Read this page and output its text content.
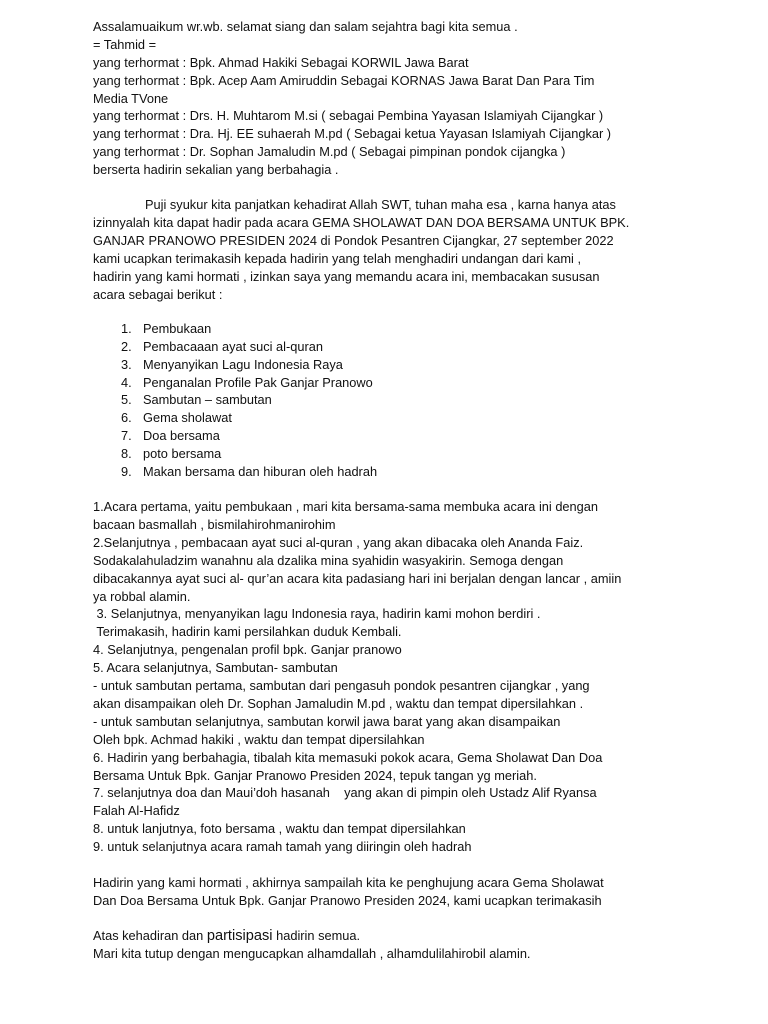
Assalamuaikum wr.wb. selamat siang dan salam sejahtra bagi kita semua .
= Tahmid =
yang terhormat : Bpk. Ahmad Hakiki Sebagai KORWIL Jawa Barat
yang terhormat : Bpk. Acep Aam Amiruddin Sebagai KORNAS Jawa Barat Dan Para Tim
Media TVone
yang terhormat : Drs. H. Muhtarom M.si ( sebagai Pembina Yayasan Islamiyah Cijangkar )
yang terhormat : Dra. Hj. EE suhaerah M.pd ( Sebagai ketua Yayasan Islamiyah Cijangkar )
yang terhormat : Dr. Sophan Jamaludin M.pd ( Sebagai pimpinan pondok cijangka )
berserta hadirin sekalian yang berbahagia .
Puji syukur kita panjatkan kehadirat Allah SWT, tuhan maha esa , karna hanya atas
izinnyalah kita dapat hadir pada acara GEMA SHOLAWAT DAN DOA BERSAMA UNTUK BPK.
GANJAR PRANOWO PRESIDEN 2024 di Pondok Pesantren Cijangkar, 27 september 2022
kami ucapkan terimakasih kepada hadirin yang telah menghadiri undangan dari kami ,
hadirin yang kami hormati , izinkan saya yang memandu acara ini, membacakan sususan
acara sebagai berikut :
1. Pembukaan
2. Pembacaaan ayat suci al-quran
3. Menyanyikan Lagu Indonesia Raya
4. Penganalan Profile Pak Ganjar Pranowo
5. Sambutan – sambutan
6. Gema sholawat
7. Doa bersama
8. poto bersama
9. Makan bersama dan hiburan oleh hadrah
1.Acara pertama, yaitu pembukaan , mari kita bersama-sama membuka acara ini dengan
bacaan basmallah , bismilahirohmanirohim
2.Selanjutnya , pembacaan ayat suci al-quran , yang akan dibacaka oleh Ananda Faiz.
Sodakalahuladzim wanahnu ala dzalika mina syahidin wasyakirin. Semoga dengan
dibacakannya ayat suci al- qur’an acara kita padasiang hari ini berjalan dengan lancar , amiin
ya robbal alamin.
3. Selanjutnya, menyanyikan lagu Indonesia raya, hadirin kami mohon berdiri .
Terimakasih, hadirin kami persilahkan duduk Kembali.
4. Selanjutnya, pengenalan profil bpk. Ganjar pranowo
5. Acara selanjutnya, Sambutan- sambutan
- untuk sambutan pertama, sambutan dari pengasuh pondok pesantren cijangkar , yang
akan disampaikan oleh Dr. Sophan Jamaludin M.pd , waktu dan tempat dipersilahkan .
- untuk sambutan selanjutnya, sambutan korwil jawa barat yang akan disampaikan
Oleh bpk. Achmad hakiki , waktu dan tempat dipersilahkan
6. Hadirin yang berbahagia, tibalah kita memasuki pokok acara, Gema Sholawat Dan Doa
Bersama Untuk Bpk. Ganjar Pranowo Presiden 2024, tepuk tangan yg meriah.
7. selanjutnya doa dan Maui’doh hasanah    yang akan di pimpin oleh Ustadz Alif Ryansa
Falah Al-Hafidz
8. untuk lanjutnya, foto bersama , waktu dan tempat dipersilahkan
9. untuk selanjutnya acara ramah tamah yang diiringin oleh hadrah
Hadirin yang kami hormati , akhirnya sampailah kita ke penghujung acara Gema Sholawat
Dan Doa Bersama Untuk Bpk. Ganjar Pranowo Presiden 2024, kami ucapkan terimakasih
Atas kehadiran dan partisipasi hadirin semua.
Mari kita tutup dengan mengucapkan alhamdallah , alhamdulilahirobil alamin.
